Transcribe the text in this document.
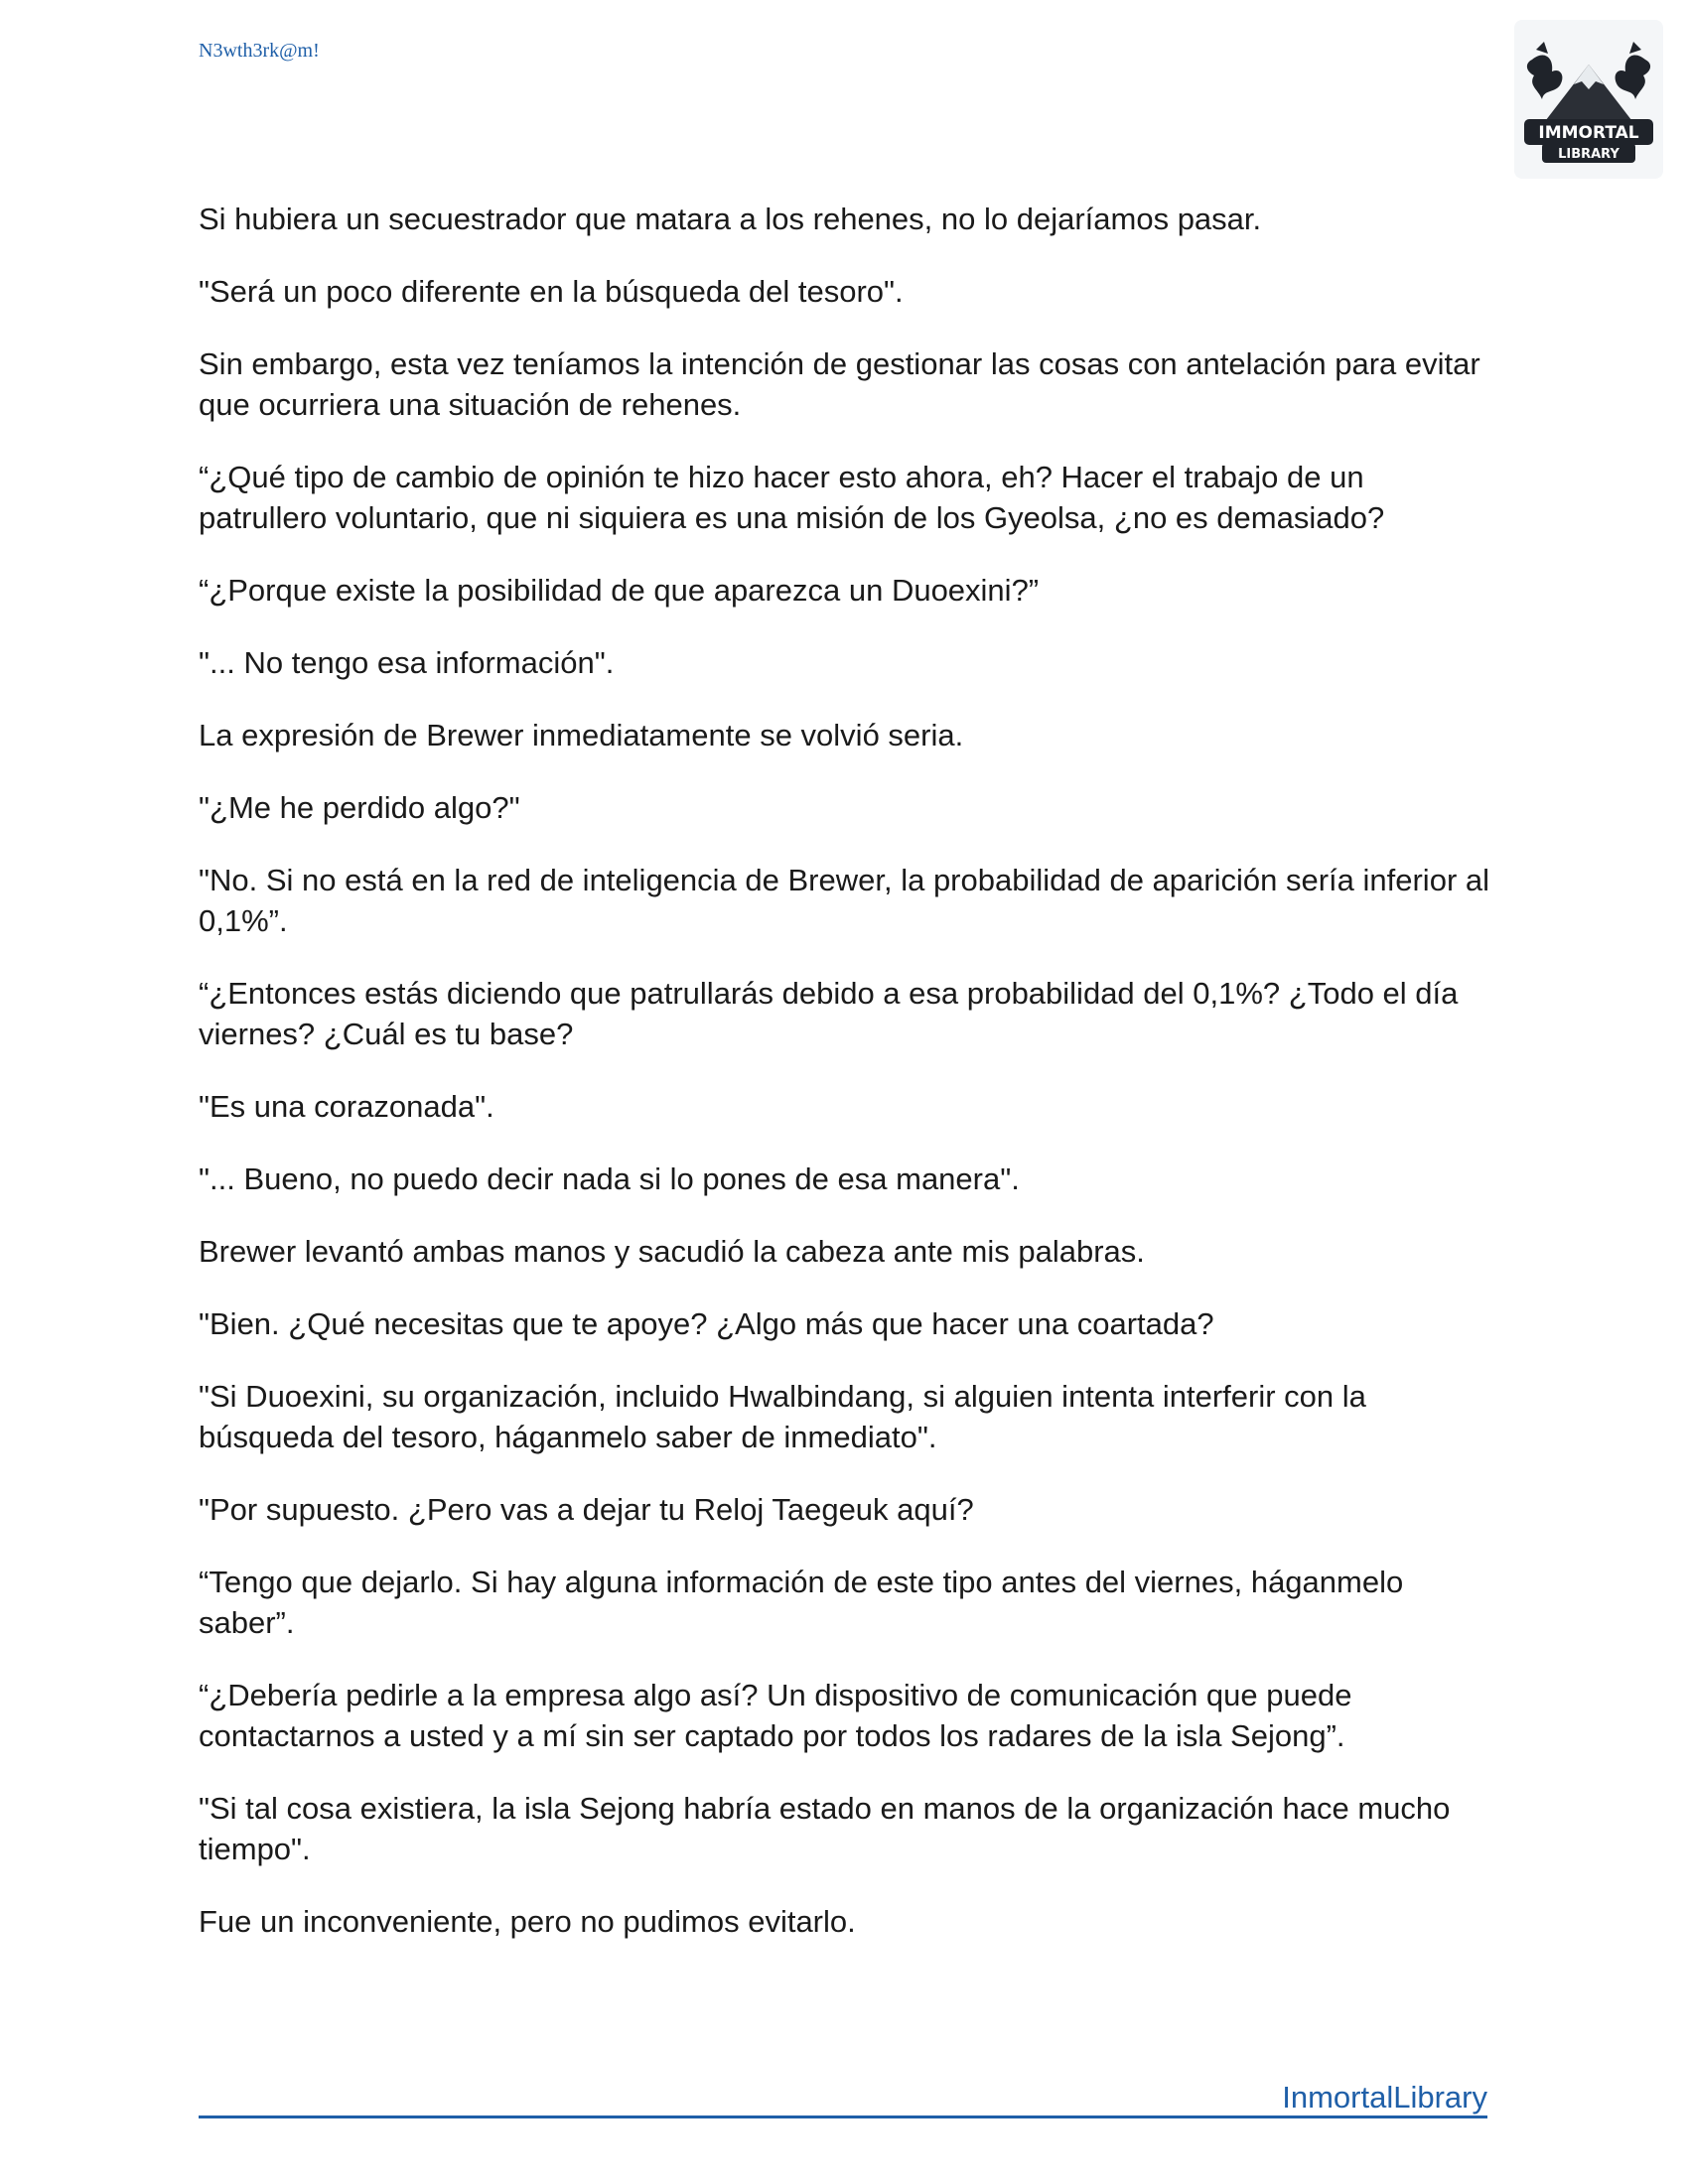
N3wth3rk@m!
IMMORTAL
LIBRARY

Si hubiera un secuestrador que matara a los rehenes, no lo dejaríamos pasar.

"Será un poco diferente en la búsqueda del tesoro".

Sin embargo, esta vez teníamos la intención de gestionar las cosas con antelación para evitar que ocurriera una situación de rehenes.

“¿Qué tipo de cambio de opinión te hizo hacer esto ahora, eh? Hacer el trabajo de un patrullero voluntario, que ni siquiera es una misión de los Gyeolsa, ¿no es demasiado?

“¿Porque existe la posibilidad de que aparezca un Duoexini?”

"... No tengo esa información".

La expresión de Brewer inmediatamente se volvió seria.

"¿Me he perdido algo?"

"No. Si no está en la red de inteligencia de Brewer, la probabilidad de aparición sería inferior al 0,1%”.

“¿Entonces estás diciendo que patrullarás debido a esa probabilidad del 0,1%? ¿Todo el día viernes? ¿Cuál es tu base?

"Es una corazonada".

"... Bueno, no puedo decir nada si lo pones de esa manera".

Brewer levantó ambas manos y sacudió la cabeza ante mis palabras.

"Bien. ¿Qué necesitas que te apoye? ¿Algo más que hacer una coartada?

"Si Duoexini, su organización, incluido Hwalbindang, si alguien intenta interferir con la búsqueda del tesoro, háganmelo saber de inmediato".

"Por supuesto. ¿Pero vas a dejar tu Reloj Taegeuk aquí?

“Tengo que dejarlo. Si hay alguna información de este tipo antes del viernes, háganmelo saber”.

“¿Debería pedirle a la empresa algo así? Un dispositivo de comunicación que puede contactarnos a usted y a mí sin ser captado por todos los radares de la isla Sejong”.

"Si tal cosa existiera, la isla Sejong habría estado en manos de la organización hace mucho tiempo".

Fue un inconveniente, pero no pudimos evitarlo.

InmortalLibrary
